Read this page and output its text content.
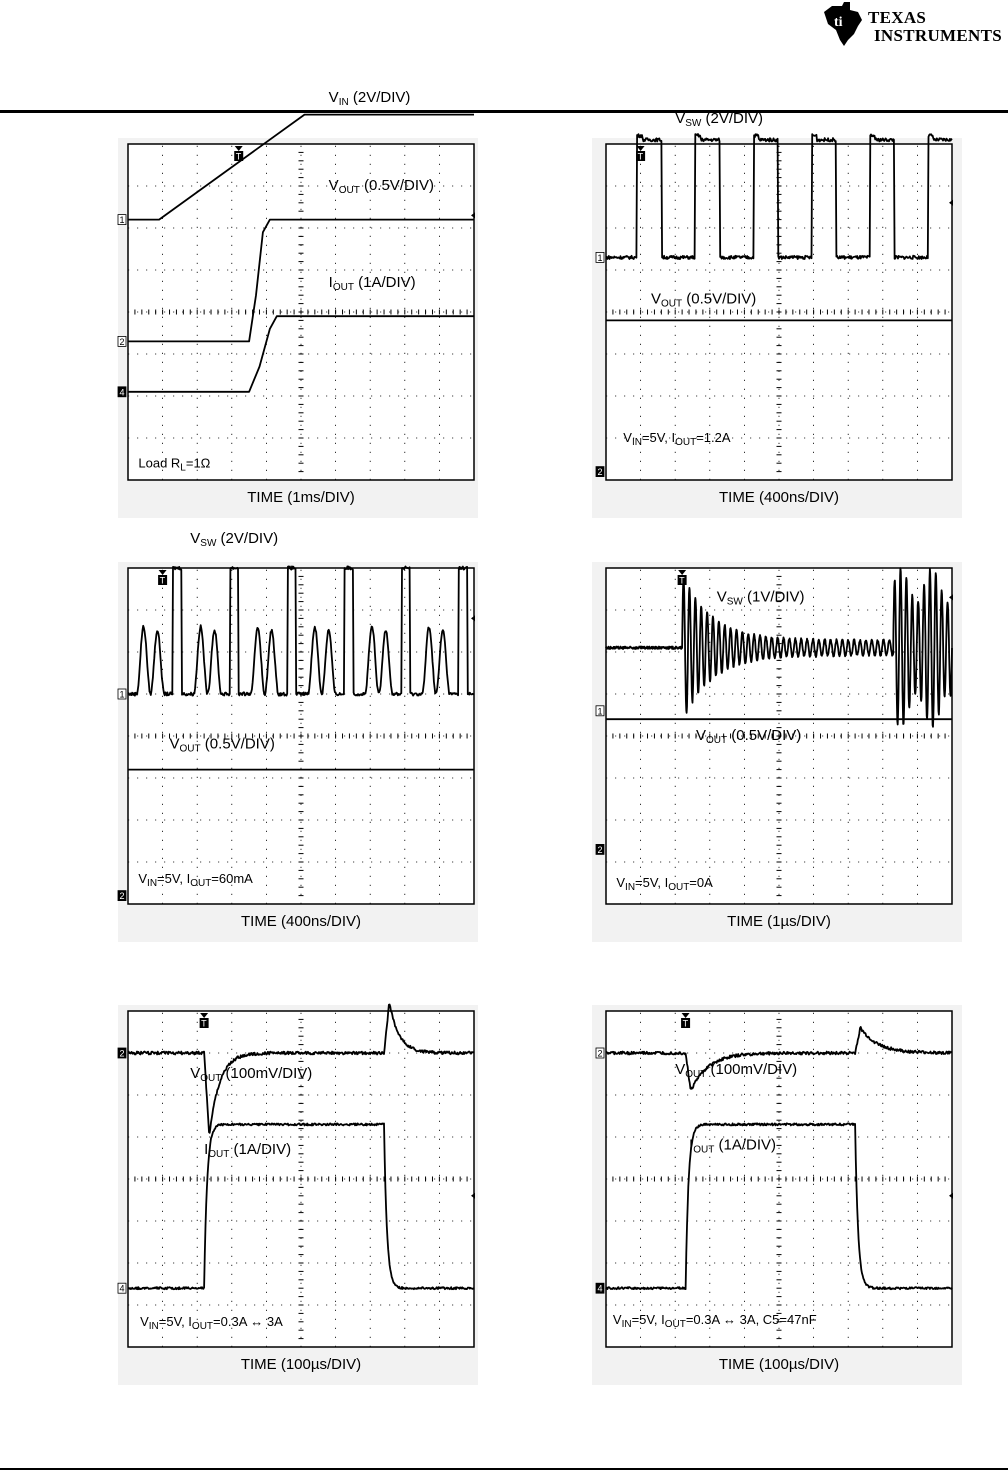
ti TEXAS
INSTRUMENTS
1
2
4
T
$V_{IN}$ (2V/DIV)
$V_{OUT}$ (0.5V/DIV)
$I_{OUT}$ (1A/DIV)
Load $R_L=1\Omega$
TIME (1ms/DIV)
1
2
T
$V_{SW}$ (2V/DIV)
$V_{OUT}$ (0.5V/DIV)
$V_{IN}=5V$, $I_{OUT}=1.2A$
TIME (400ns/DIV)
1
2
T
$V_{SW}$ (2V/DIV)
$V_{OUT}$ (0.5V/DIV)
$V_{IN}=5V$, $I_{OUT}=60mA$
TIME (400ns/DIV)
1
2
T
$V_{SW}$ (1V/DIV)
$V_{OUT}$ (0.5V/DIV)
$V_{IN}=5V$, $I_{OUT}=0A$
TIME (1µs/DIV)
2
4
T
$V_{OUT}$ (100mV/DIV)
$I_{OUT}$ (1A/DIV)
$V_{IN}=5V$, $I_{OUT}=0.3A$ ↔ 3A
TIME (100µs/DIV)
2
4
T
$V_{OUT}$ (100mV/DIV)
$I_{OUT}$ (1A/DIV)
$V_{IN}=5V$, $I_{OUT}=0.3A$ ↔ 3A, C5=47nF
TIME (100µs/DIV)
